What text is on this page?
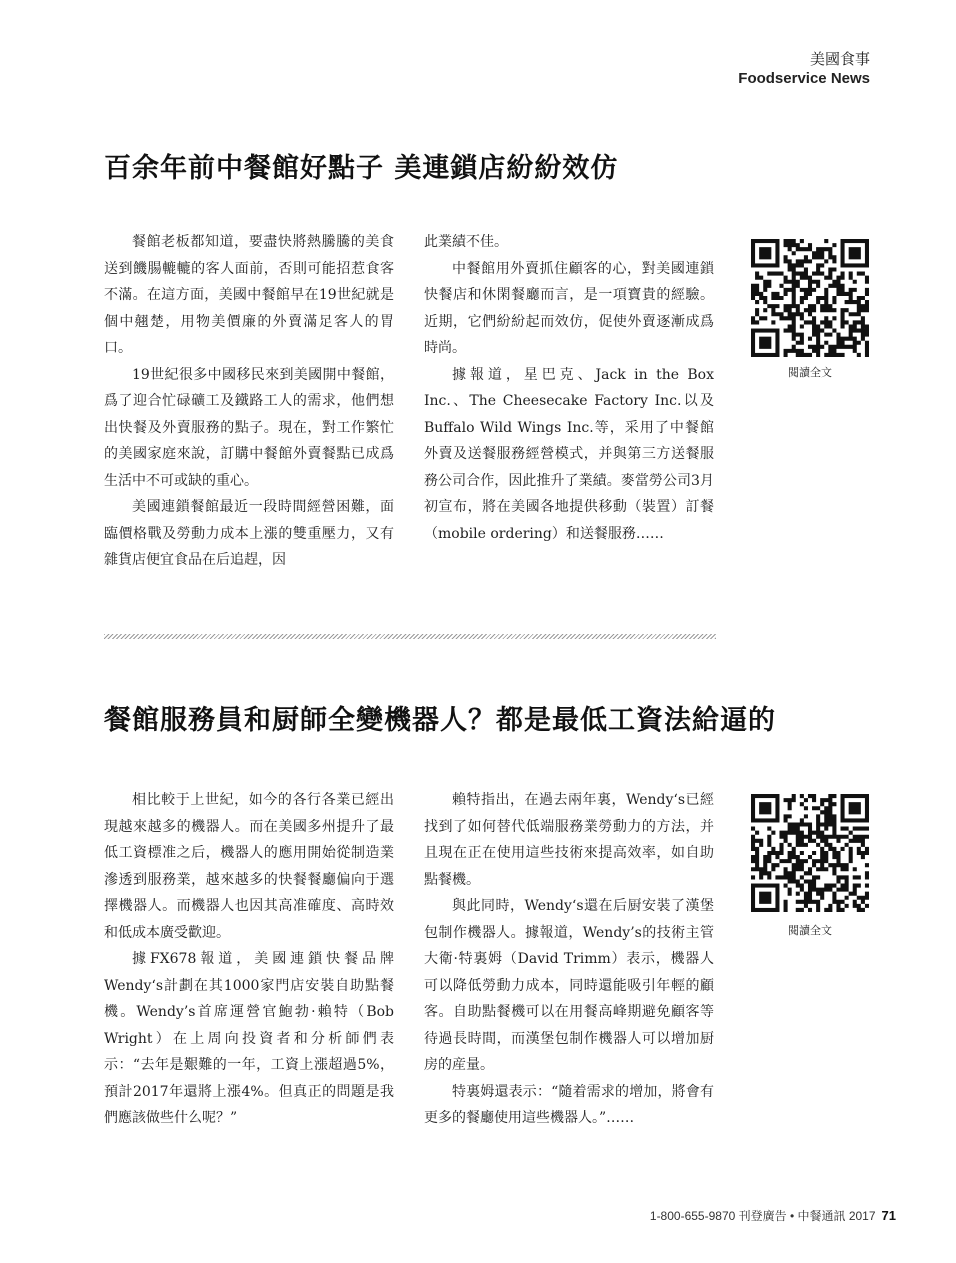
美國食事
Foodservice News
百余年前中餐館好點子 美連鎖店紛紛效仿

餐館老板都知道，要盡快將熱騰騰的美食送到饑腸轆轆的客人面前，否則可能招惹食客不滿。在這方面，美國中餐館早在19世紀就是個中翹楚，用物美價廉的外賣滿足客人的胃口。

19世紀很多中國移民來到美國開中餐館，爲了迎合忙碌礦工及鐵路工人的需求，他們想出快餐及外賣服務的點子。現在，對工作繁忙的美國家庭來說，訂購中餐館外賣餐點已成爲生活中不可或缺的重心。

美國連鎖餐館最近一段時間經營困難，面臨價格戰及勞動力成本上漲的雙重壓力，又有雜貨店便宜食品在后追趕，因

此業績不佳。

中餐館用外賣抓住顧客的心，對美國連鎖快餐店和休閑餐廳而言，是一項寶貴的經驗。近期，它們紛紛起而效仿，促使外賣逐漸成爲時尚。

據報道，星巴克、Jack in the Box Inc.、The Cheesecake Factory Inc.以及Buffalo Wild Wings Inc.等，采用了中餐館外賣及送餐服務經營模式，并與第三方送餐服務公司合作，因此推升了業績。麥當勞公司3月初宣布，將在美國各地提供移動（裝置）訂餐（mobile ordering）和送餐服務……

閱讀全文
餐館服務員和厨師全變機器人？都是最低工資法給逼的

相比較于上世紀，如今的各行各業已經出現越來越多的機器人。而在美國多州提升了最低工資標准之后，機器人的應用開始從制造業滲透到服務業，越來越多的快餐餐廳偏向于選擇機器人。而機器人也因其高准確度、高時效和低成本廣受歡迎。

據FX678報道，美國連鎖快餐品牌Wendy‘s計劃在其1000家門店安裝自助點餐機。Wendy’s首席運營官鮑勃·賴特（Bob Wright）在上周向投資者和分析師們表示：“去年是艱難的一年，工資上漲超過5%，預計2017年還將上漲4%。但真正的問題是我們應該做些什么呢？”

賴特指出，在過去兩年裏，Wendy‘s已經找到了如何替代低端服務業勞動力的方法，并且現在正在使用這些技術來提高效率，如自助點餐機。

與此同時，Wendy‘s還在后厨安裝了漢堡包制作機器人。據報道，Wendy’s的技術主管大衛·特裏姆（David Trimm）表示，機器人可以降低勞動力成本，同時還能吸引年輕的顧客。自助點餐機可以在用餐高峰期避免顧客等待過長時間，而漢堡包制作機器人可以增加厨房的産量。

特裏姆還表示：“隨着需求的增加，將會有更多的餐廳使用這些機器人。”……

閱讀全文
1-800-655-9870 刊登廣告 • 中餐通訊 2017 71
